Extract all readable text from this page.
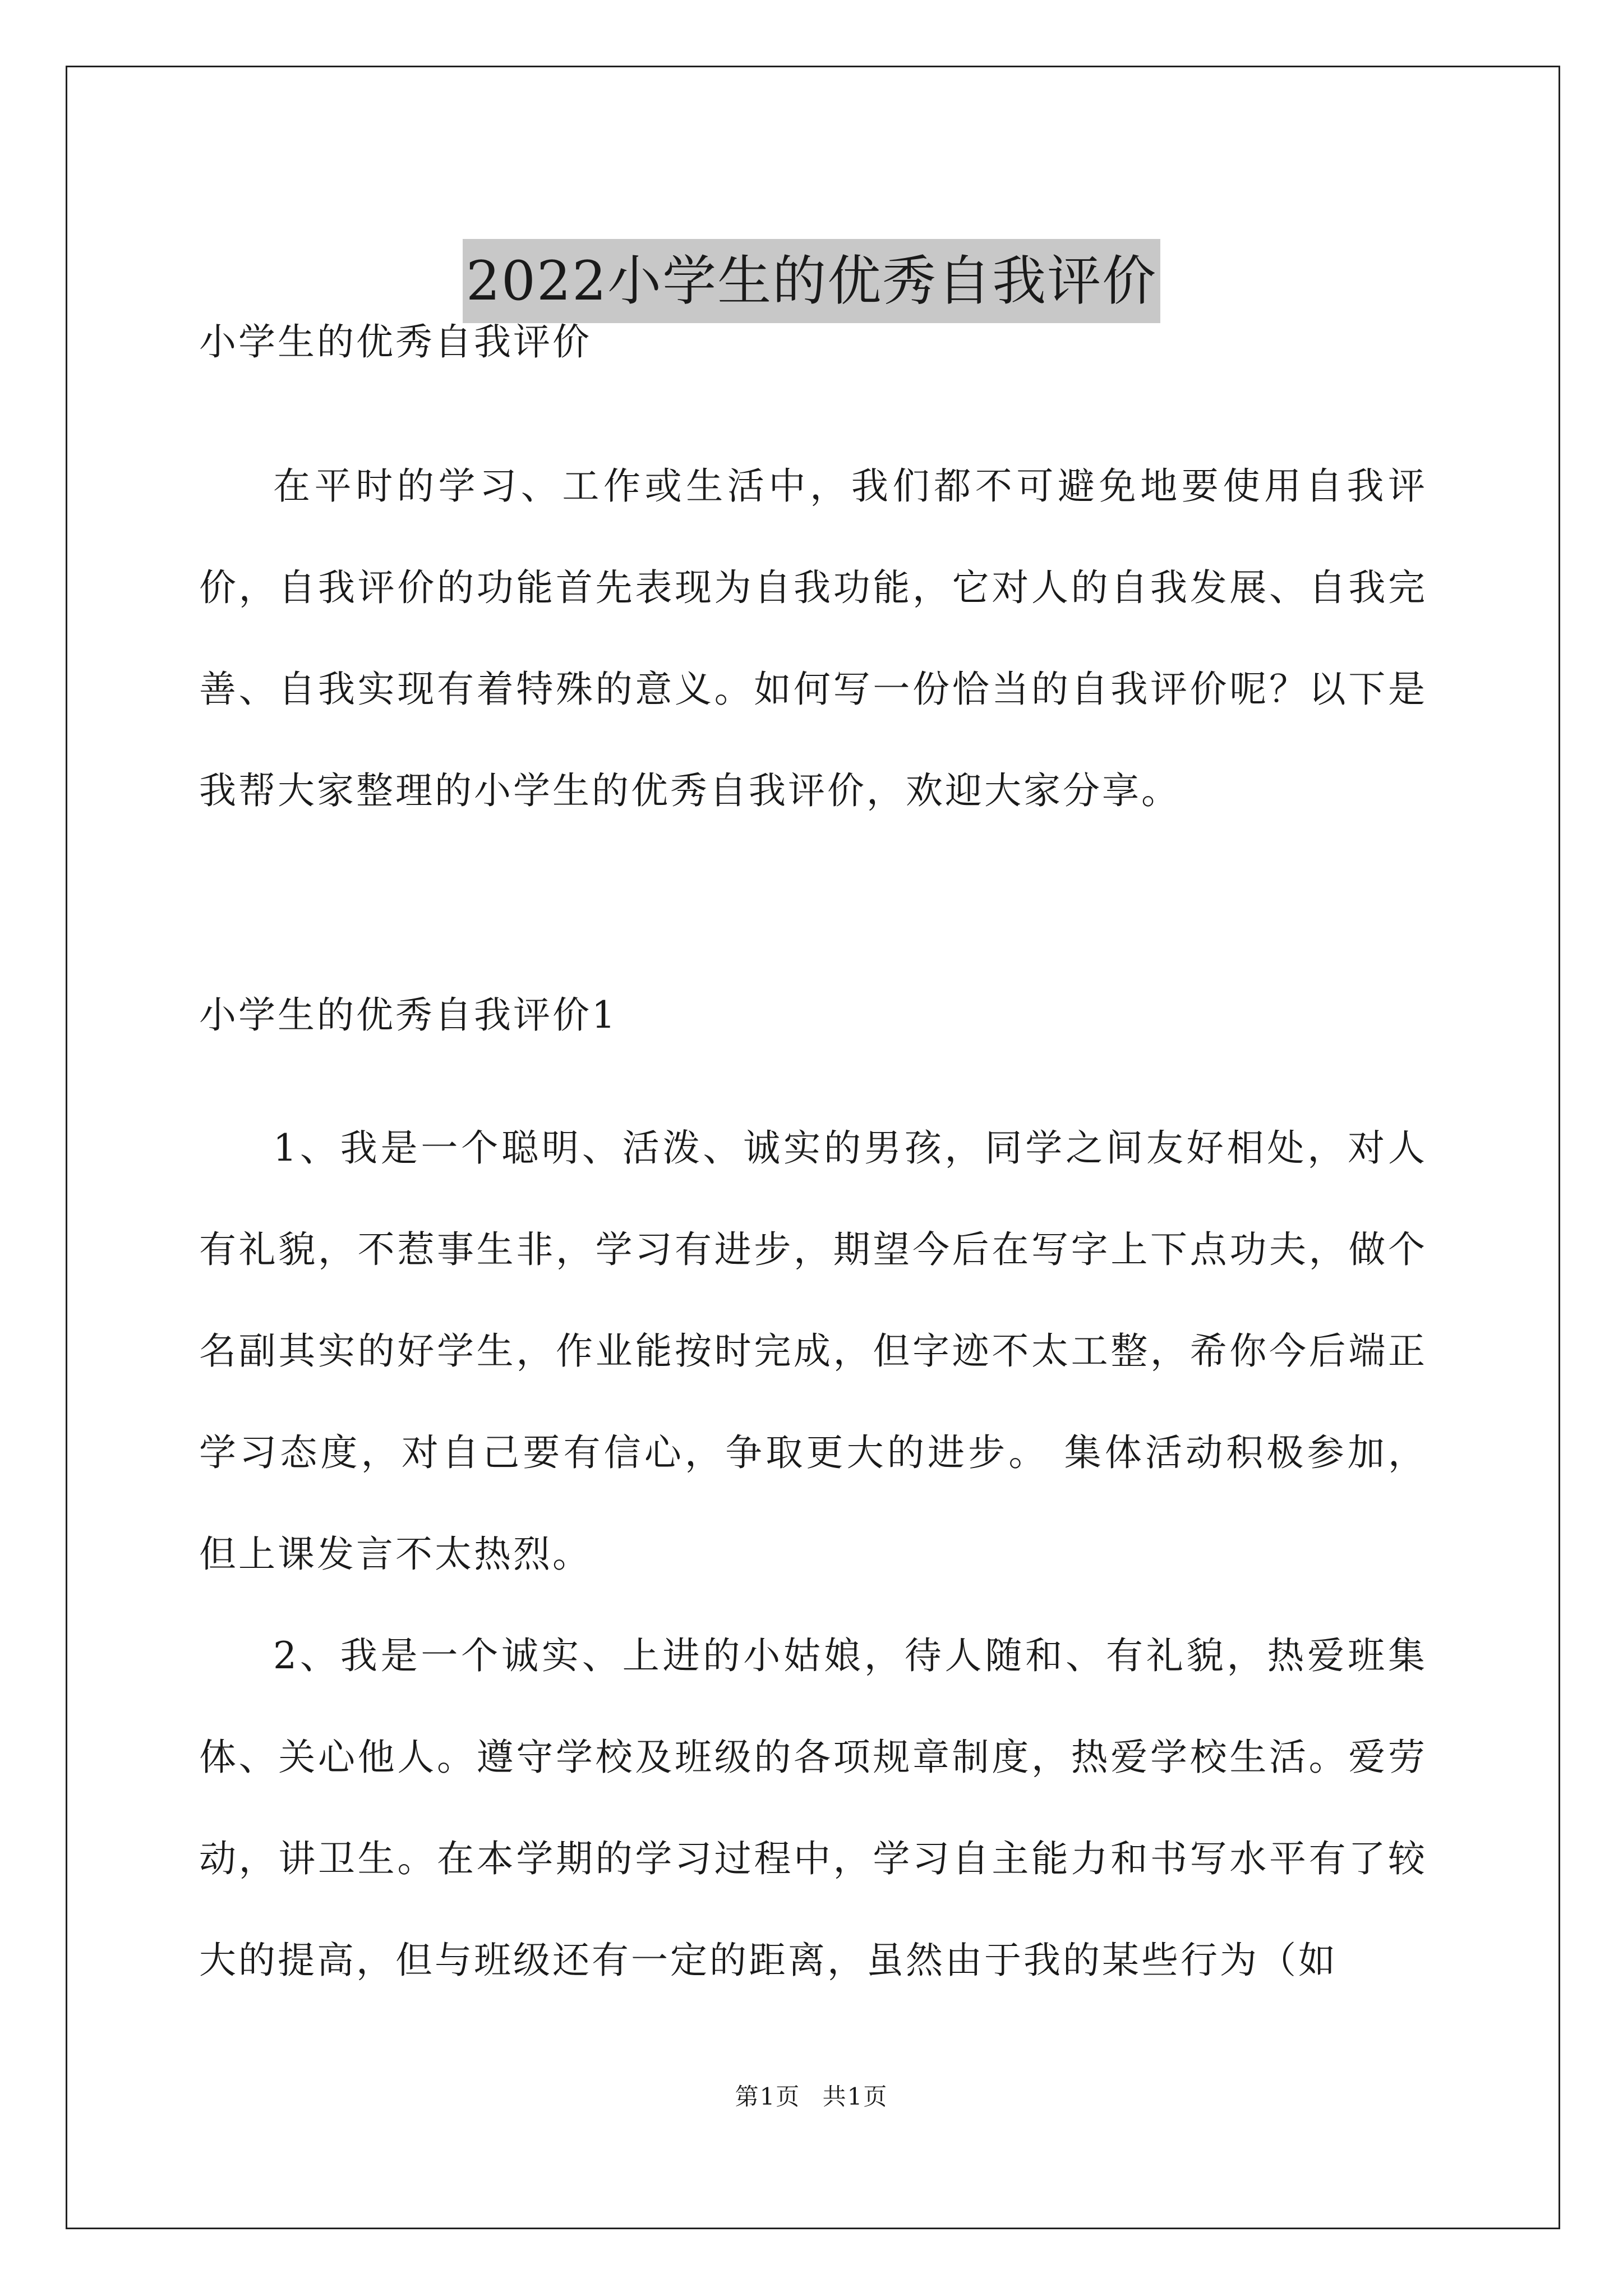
2022小学生的优秀自我评价

小学生的优秀自我评价

在平时的学习、工作或生活中，我们都不可避免地要使用自我评价，自我评价的功能首先表现为自我功能，它对人的自我发展、自我完善、自我实现有着特殊的意义。如何写一份恰当的自我评价呢？以下是我帮大家整理的小学生的优秀自我评价，欢迎大家分享。

小学生的优秀自我评价1

1、我是一个聪明、活泼、诚实的男孩，同学之间友好相处，对人有礼貌，不惹事生非，学习有进步，期望今后在写字上下点功夫，做个名副其实的好学生，作业能按时完成，但字迹不太工整，希你今后端正学习态度，对自己要有信心，争取更大的进步。 集体活动积极参加，但上课发言不太热烈。

2、我是一个诚实、上进的小姑娘，待人随和、有礼貌，热爱班集体、关心他人。遵守学校及班级的各项规章制度，热爱学校生活。爱劳动，讲卫生。在本学期的学习过程中，学习自主能力和书写水平有了较大的提高，但与班级还有一定的距离，虽然由于我的某些行为（如

第1页 共1页
